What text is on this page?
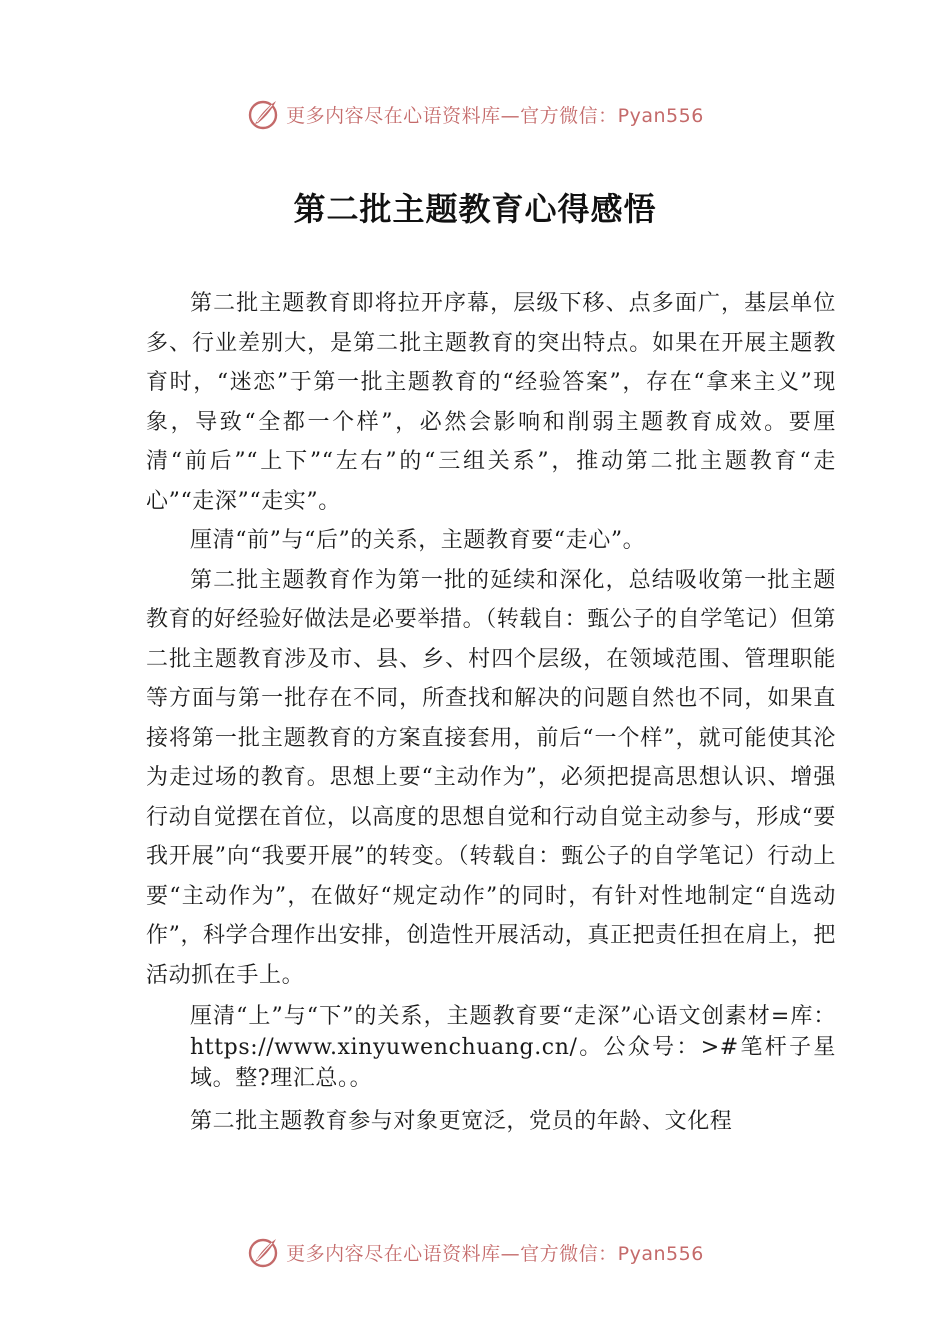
更多内容尽在心语资料库—官方微信：Pyan556
第二批主题教育心得感悟

第二批主题教育即将拉开序幕，层级下移、点多面广，基层单位多、行业差别大，是第二批主题教育的突出特点。如果在开展主题教育时，“迷恋”于第一批主题教育的“经验答案”，存在“拿来主义”现象，导致“全都一个样”，必然会影响和削弱主题教育成效。要厘清“前后”“上下”“左右”的“三组关系”，推动第二批主题教育“走心”“走深”“走实”。

厘清“前”与“后”的关系，主题教育要“走心”。

第二批主题教育作为第一批的延续和深化，总结吸收第一批主题教育的好经验好做法是必要举措。（转载自：甄公子的自学笔记）但第二批主题教育涉及市、县、乡、村四个层级，在领域范围、管理职能等方面与第一批存在不同，所查找和解决的问题自然也不同，如果直接将第一批主题教育的方案直接套用，前后“一个样”，就可能使其沦为走过场的教育。思想上要“主动作为”，必须把提高思想认识、增强行动自觉摆在首位，以高度的思想自觉和行动自觉主动参与，形成“要我开展”向“我要开展”的转变。（转载自：甄公子的自学笔记）行动上要“主动作为”，在做好“规定动作”的同时，有针对性地制定“自选动作”，科学合理作出安排，创造性开展活动，真正把责任担在肩上，把活动抓在手上。

厘清“上”与“下”的关系，主题教育要“走深”心语文创素材=库：https://www.xinyuwenchuang.cn/。公众号：>#笔杆子星域。整?理汇总。。

第二批主题教育参与对象更宽泛，党员的年龄、文化程

更多内容尽在心语资料库—官方微信：Pyan556
